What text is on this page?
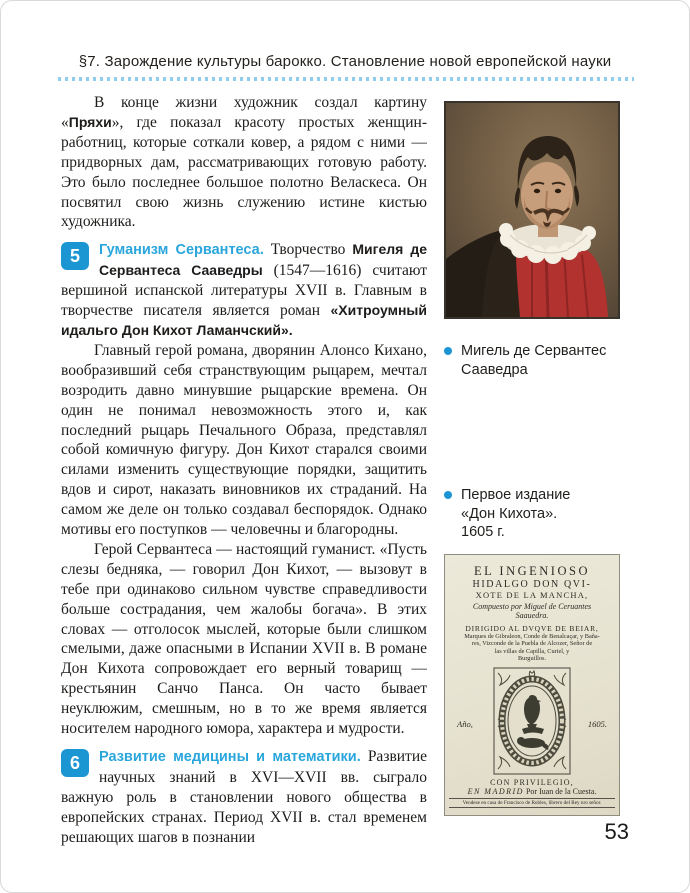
§7. Зарождение культуры барокко. Становление новой европейской науки

В конце жизни художник создал картину «Пряхи», где показал красоту простых женщин-работниц, которые соткали ковер, а рядом с ними — придворных дам, рассматривающих готовую работу. Это было последнее большое полотно Веласкеса. Он посвятил свою жизнь служению истине кистью художника.

5	Гуманизм Сервантеса. Творчество Мигеля де Сервантеса Сааведры (1547—1616) считают вершиной испанской литературы XVII в. Главным в творчестве писателя является роман «Хитроумный идальго Дон Кихот Ламанчский».

Главный герой романа, дворянин Алонсо Кихано, вообразивший себя странствующим рыцарем, мечтал возродить давно минувшие рыцарские времена. Он один не понимал невозможность этого и, как последний рыцарь Печального Образа, представлял собой комичную фигуру. Дон Кихот старался своими силами изменить существующие порядки, защитить вдов и сирот, наказать виновников их страданий. На самом же деле он только создавал беспорядок. Однако мотивы его поступков — человечны и благородны.

Герой Сервантеса — настоящий гуманист. «Пусть слезы бедняка, — говорил Дон Кихот, — вызовут в тебе при одинаково сильном чувстве справедливости больше сострадания, чем жалобы богача». В этих словах — отголосок мыслей, которые были слишком смелыми, даже опасными в Испании XVII в. В романе Дон Кихота сопровождает его верный товарищ — крестьянин Санчо Панса. Он часто бывает неуклюжим, смешным, но в то же время является носителем народного юмора, характера и мудрости.

6	Развитие медицины и математики. Развитие научных знаний в XVI—XVII вв. сыграло важную роль в становлении нового общества в европейских странах. Период XVII в. стал временем решающих шагов в познании
Мигель де Сервантес
Сааведра
Первое издание
«Дон Кихота».
1605 г.
EL INGENIOSO
HIDALGO DON QVI-
XOTE DE LA MANCHA,
Compuesto por Miguel de Ceruantes
Saauedra.
DIRIGIDO AL DVQVE DE BEIAR,
Marques de Gibraleon, Conde de Benalcaçar, y Baña-
res, Vizconde de la Puebla de Alcozer, Señor de
las villas de Capilla, Curiel, y
Burguillos.
Año,	1605.
CON PRIVILEGIO,
EN MADRID Por Iuan de la Cuesta.
Vendese en casa de Francisco de Robles, librero del Rey nro señor.
53
